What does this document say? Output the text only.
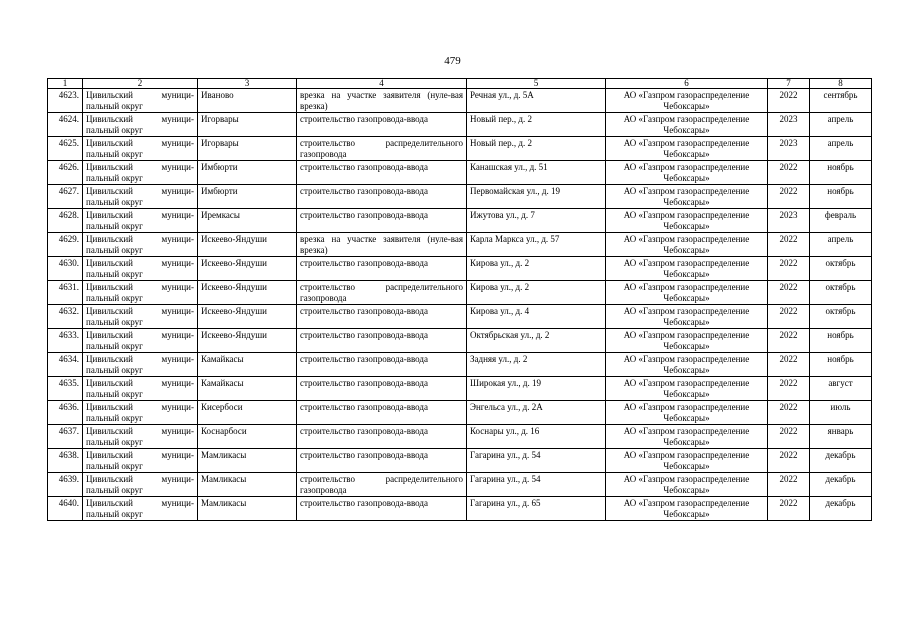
479
1	2	3	4	5	6	7	8
4623.	Цивильский муници-пальный округ	Иваново	врезка на участке заявителя (нуле-вая врезка)	Речная ул., д. 5А	АО «Газпром газораспределение Чебоксары»	2022	сентябрь
4624.	Цивильский муници-пальный округ	Игорвары	строительство газопровода-ввода	Новый пер., д. 2	АО «Газпром газораспределение Чебоксары»	2023	апрель
4625.	Цивильский муници-пальный округ	Игорвары	строительство распределительного газопровода	Новый пер., д. 2	АО «Газпром газораспределение Чебоксары»	2023	апрель
4626.	Цивильский муници-пальный округ	Имбюрти	строительство газопровода-ввода	Канашская ул., д. 51	АО «Газпром газораспределение Чебоксары»	2022	ноябрь
4627.	Цивильский муници-пальный округ	Имбюрти	строительство газопровода-ввода	Первомайская ул., д. 19	АО «Газпром газораспределение Чебоксары»	2022	ноябрь
4628.	Цивильский муници-пальный округ	Иремкасы	строительство газопровода-ввода	Ижутова ул., д. 7	АО «Газпром газораспределение Чебоксары»	2023	февраль
4629.	Цивильский муници-пальный округ	Искеево-Яндуши	врезка на участке заявителя (нуле-вая врезка)	Карла Маркса ул., д. 57	АО «Газпром газораспределение Чебоксары»	2022	апрель
4630.	Цивильский муници-пальный округ	Искеево-Яндуши	строительство газопровода-ввода	Кирова ул., д. 2	АО «Газпром газораспределение Чебоксары»	2022	октябрь
4631.	Цивильский муници-пальный округ	Искеево-Яндуши	строительство распределительного газопровода	Кирова ул., д. 2	АО «Газпром газораспределение Чебоксары»	2022	октябрь
4632.	Цивильский муници-пальный округ	Искеево-Яндуши	строительство газопровода-ввода	Кирова ул., д. 4	АО «Газпром газораспределение Чебоксары»	2022	октябрь
4633.	Цивильский муници-пальный округ	Искеево-Яндуши	строительство газопровода-ввода	Октябрьская ул., д. 2	АО «Газпром газораспределение Чебоксары»	2022	ноябрь
4634.	Цивильский муници-пальный округ	Камайкасы	строительство газопровода-ввода	Задняя ул., д. 2	АО «Газпром газораспределение Чебоксары»	2022	ноябрь
4635.	Цивильский муници-пальный округ	Камайкасы	строительство газопровода-ввода	Широкая ул., д. 19	АО «Газпром газораспределение Чебоксары»	2022	август
4636.	Цивильский муници-пальный округ	Кисербоси	строительство газопровода-ввода	Энгельса ул., д. 2А	АО «Газпром газораспределение Чебоксары»	2022	июль
4637.	Цивильский муници-пальный округ	Коснарбоси	строительство газопровода-ввода	Коснары ул., д. 16	АО «Газпром газораспределение Чебоксары»	2022	январь
4638.	Цивильский муници-пальный округ	Мамликасы	строительство газопровода-ввода	Гагарина ул., д. 54	АО «Газпром газораспределение Чебоксары»	2022	декабрь
4639.	Цивильский муници-пальный округ	Мамликасы	строительство распределительного газопровода	Гагарина ул., д. 54	АО «Газпром газораспределение Чебоксары»	2022	декабрь
4640.	Цивильский муници-пальный округ	Мамликасы	строительство газопровода-ввода	Гагарина ул., д. 65	АО «Газпром газораспределение Чебоксары»	2022	декабрь
